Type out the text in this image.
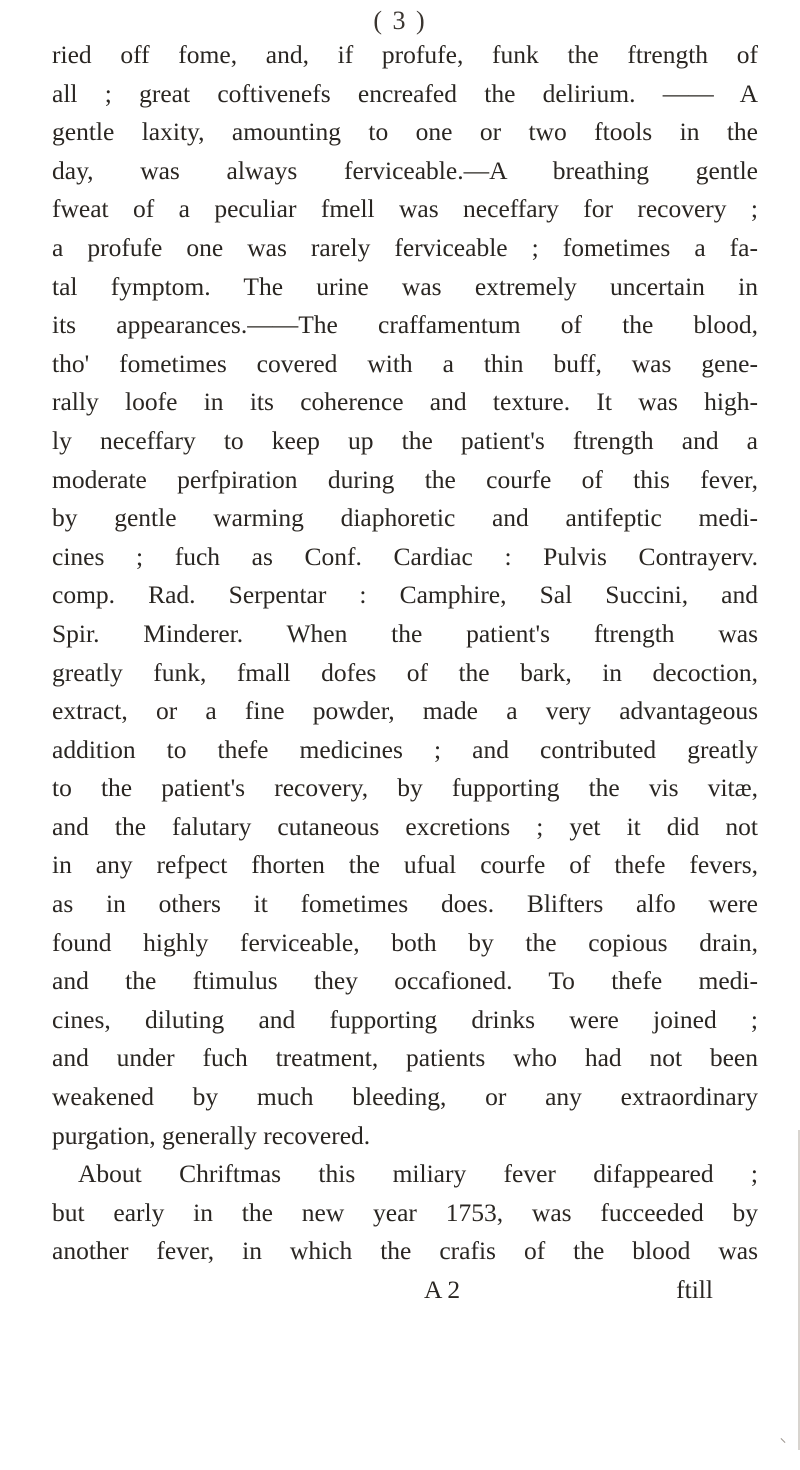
( 3 )
ried off fome, and, if profufe, funk the ftrength of
all ; great coftivenefs encreafed the delirium. —— A
gentle laxity, amounting to one or two ftools in the
day, was always ferviceable.—A breathing gentle
fweat of a peculiar fmell was neceffary for recovery ;
a profufe one was rarely ferviceable ; fometimes a fa-
tal fymptom. The urine was extremely uncertain in
its appearances.——The craffamentum of the blood,
tho' fometimes covered with a thin buff, was gene-
rally loofe in its coherence and texture. It was high-
ly neceffary to keep up the patient's ftrength and a
moderate perfpiration during the courfe of this fever,
by gentle warming diaphoretic and antifeptic medi-
cines ; fuch as Conf. Cardiac : Pulvis Contrayerv.
comp. Rad. Serpentar : Camphire, Sal Succini, and
Spir. Minderer. When the patient's ftrength was
greatly funk, fmall dofes of the bark, in decoction,
extract, or a fine powder, made a very advantageous
addition to thefe medicines ; and contributed greatly
to the patient's recovery, by fupporting the vis vitæ,
and the falutary cutaneous excretions ; yet it did not
in any refpect fhorten the ufual courfe of thefe fevers,
as in others it fometimes does. Blifters alfo were
found highly ferviceable, both by the copious drain,
and the ftimulus they occafioned. To thefe medi-
cines, diluting and fupporting drinks were joined ;
and under fuch treatment, patients who had not been
weakened by much bleeding, or any extraordinary
purgation, generally recovered.
About Chriftmas this miliary fever difappeared ;
but early in the new year 1753, was fucceeded by
another fever, in which the crafis of the blood was
A 2	ftill
